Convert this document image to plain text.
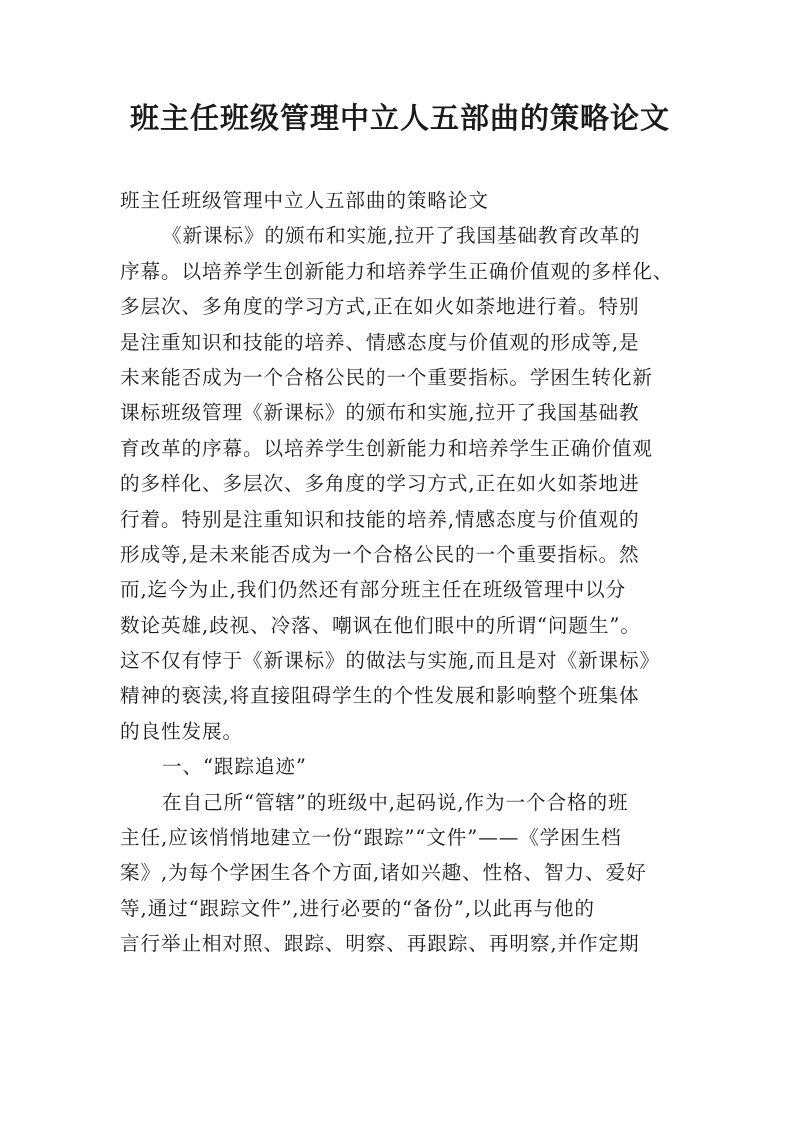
班主任班级管理中立人五部曲的策略论文
班主任班级管理中立人五部曲的策略论文
《新课标》的颁布和实施,拉开了我国基础教育改革的
序幕。以培养学生创新能力和培养学生正确价值观的多样化、
多层次、多角度的学习方式,正在如火如荼地进行着。特别
是注重知识和技能的培养、情感态度与价值观的形成等,是
未来能否成为一个合格公民的一个重要指标。学困生转化新
课标班级管理《新课标》的颁布和实施,拉开了我国基础教
育改革的序幕。以培养学生创新能力和培养学生正确价值观
的多样化、多层次、多角度的学习方式,正在如火如荼地进
行着。特别是注重知识和技能的培养,情感态度与价值观的
形成等,是未来能否成为一个合格公民的一个重要指标。然
而,迄今为止,我们仍然还有部分班主任在班级管理中以分
数论英雄,歧视、冷落、嘲讽在他们眼中的所谓“问题生”。
这不仅有悖于《新课标》的做法与实施,而且是对《新课标》
精神的亵渎,将直接阻碍学生的个性发展和影响整个班集体
的良性发展。
一、“跟踪追迹”
在自己所“管辖”的班级中,起码说,作为一个合格的班
主任,应该悄悄地建立一份“跟踪”“文件”——《学困生档
案》,为每个学困生各个方面,诸如兴趣、性格、智力、爱好
等,通过“跟踪文件”,进行必要的“备份”,以此再与他的
言行举止相对照、跟踪、明察、再跟踪、再明察,并作定期
